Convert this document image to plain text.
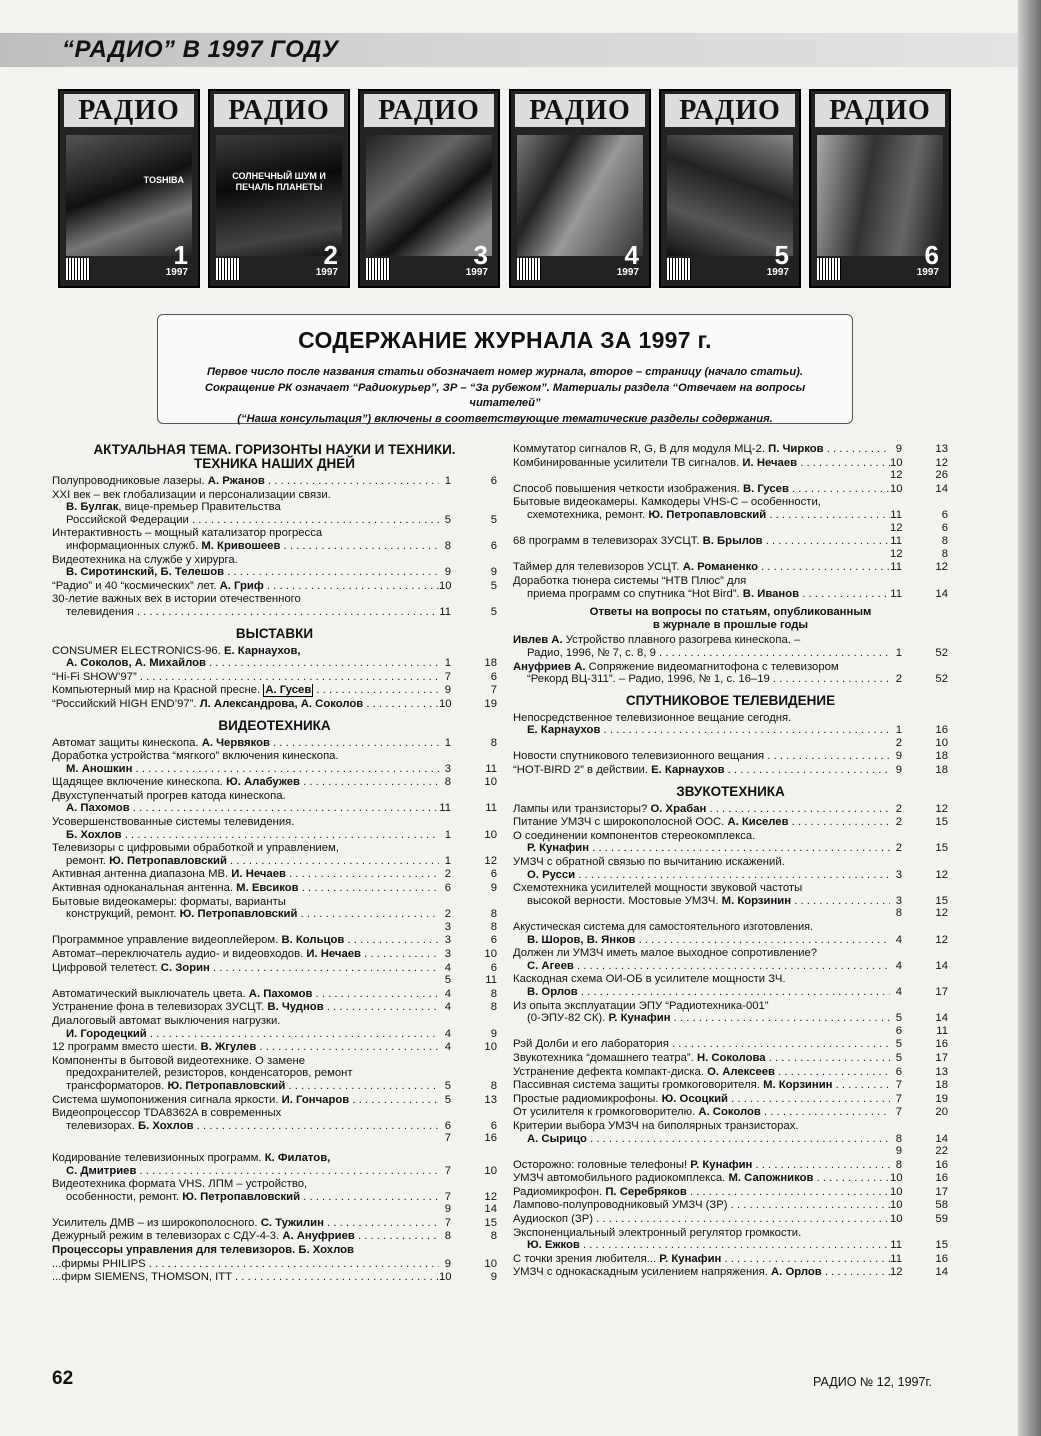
“РАДИО” В 1997 ГОДУ
РАДИО
TOSHIBA
1
1997
РАДИО
СОЛНЕЧНЫЙ ШУМ И ПЕЧАЛЬ ПЛАНЕТЫ
2
1997
РАДИО
3
1997
РАДИО
4
1997
РАДИО
5
1997
РАДИО
6
1997
СОДЕРЖАНИЕ ЖУРНАЛА ЗА 1997 г.
Первое число после названия статьи обозначает номер журнала, второе – страницу (начало статьи).
Сокращение РК означает “Радиокурьер”, ЗР – “За рубежом”. Материалы раздела “Отвечаем на вопросы читателей”
(“Наша консультация”) включены в соответствующие тематические разделы содержания.
АКТУАЛЬНАЯ ТЕМА. ГОРИЗОНТЫ НАУКИ И ТЕХНИКИ.
ТЕХНИКА НАШИХ ДНЕЙ
Полупроводниковые лазеры. А. Ржанов . . .	1	6
XXI век – век глобализации и персонализации связи.
В. Булгак, вице-премьер Правительства
Российской Федерации . . .	5	5
Интерактивность – мощный катализатор прогресса
информационных служб. М. Кривошеев . . .	8	6
Видеотехника на службе у хирурга.
В. Сиротинский, Б. Телешов . . .	9	9
“Радио” и 40 “космических” лет. А. Гриф . . .	10	5
30-летие важных вех в истории отечественного
телевидения . . .	11	5
ВЫСТАВКИ
CONSUMER ELECTRONICS-96. Е. Карнаухов,
А. Соколов, А. Михайлов . . .	1	18
“Hi-Fi SHOW’97” . . .	7	6
Компьютерный мир на Красной пресне. А. Гусев . . .	9	7
“Российский HIGH END’97”. Л. Александрова, А. Соколов . . .	10	19
ВИДЕОТЕХНИКА
Автомат защиты кинескопа. А. Червяков . . .	1	8
Доработка устройства “мягкого” включения кинескопа.
М. Аношкин . . .	3	11
Щадящее включение кинескопа. Ю. Алабужев . . .	8	10
Двухступенчатый прогрев катода кинескопа.
А. Пахомов . . .	11	11
Усовершенствованные системы телевидения.
Б. Хохлов . . .	1	10
Телевизоры с цифровыми обработкой и управлением,
ремонт. Ю. Петропавловский . . .	1	12
Активная антенна диапазона МВ. И. Нечаев . . .	2	6
Активная одноканальная антенна. М. Евсиков . . .	6	9
Бытовые видеокамеры: форматы, варианты
конструкций, ремонт. Ю. Петропавловский . . .
	2	8
3	8
Программное управление видеоплейером. В. Кольцов . . .	3	6
Автомат–переключатель аудио- и видеовходов. И. Нечаев . . .	3	10
Цифровой телетест. С. Зорин . . .
	4	6
5	11
Автоматический выключатель цвета. А. Пахомов . . .	4	8
Устранение фона в телевизорах 3УСЦТ. В. Чуднов . . .	4	8
Диалоговый автомат выключения нагрузки.
И. Городецкий . . .	4	9
12 программ вместо шести. В. Жгулев . . .	4	10
Компоненты в бытовой видеотехнике. О замене
предохранителей, резисторов, конденсаторов, ремонт
трансформаторов. Ю. Петропавловский . . .	5	8
Система шумопонижения сигнала яркости. И. Гончаров . . .	5	13
Видеопроцессор TDA8362A в современных
телевизорах. Б. Хохлов . . .
	6	6
7	16
Кодирование телевизионных программ. К. Филатов,
С. Дмитриев . . .	7	10
Видеотехника формата VHS. ЛПМ – устройство,
особенности, ремонт. Ю. Петропавловский . . .
	7	12
9	14
Усилитель ДМВ – из широкополосного. С. Тужилин . . .	7	15
Дежурный режим в телевизорах с СДУ-4-3. А. Ануфриев . . .	8	8
Процессоры управления для телевизоров. Б. Хохлов
...фирмы PHILIPS . . .	9	10
...фирм SIEMENS, THOMSON, ITT . . .	10	9
Коммутатор сигналов R, G, B для модуля МЦ-2. П. Чирков . . .	9	13
Комбинированные усилители ТВ сигналов. И. Нечаев . . .
	10	12
12	26
Способ повышения четкости изображения. В. Гусев . . .	10	14
Бытовые видеокамеры. Камкодеры VHS-C – особенности,
схемотехника, ремонт. Ю. Петропавловский . . .
	11	6
12	6
68 программ в телевизорах 3УСЦТ. В. Брылов . . .
	11	8
12	8
Таймер для телевизоров УСЦТ. А. Романенко . . .	11	12
Доработка тюнера системы “НТВ Плюс” для
приема программ со спутника “Hot Bird”. В. Иванов . . .	11	14
Ответы на вопросы по статьям, опубликованным
в журнале в прошлые годы
Ивлев А. Устройство плавного разогрева кинескопа. –
Радио, 1996, № 7, с. 8, 9 . . .	1	52
Ануфриев А. Сопряжение видеомагнитофона с телевизором
“Рекорд ВЦ-311”. – Радио, 1996, № 1, с. 16–19 . . .	2	52
СПУТНИКОВОЕ ТЕЛЕВИДЕНИЕ
Непосредственное телевизионное вещание сегодня.
Е. Карнаухов . . .
	1	16
2	10
Новости спутникового телевизионного вещания . . .	9	18
“HOT-BIRD 2” в действии. Е. Карнаухов . . .	9	18
ЗВУКОТЕХНИКА
Лампы или транзисторы? О. Храбан . . .	2	12
Питание УМЗЧ с широкополосной ООС. А. Киселев . . .	2	15
О соединении компонентов стереокомплекса.
Р. Кунафин . . .	2	15
УМЗЧ с обратной связью по вычитанию искажений.
О. Русси . . .	3	12
Схемотехника усилителей мощности звуковой частоты
высокой верности. Мостовые УМЗЧ. М. Корзинин . . .
	3	15
8	12
Акустическая система для самостоятельного изготовления.
В. Шоров, В. Янков . . .	4	12
Должен ли УМЗЧ иметь малое выходное сопротивление?
С. Агеев . . .	4	14
Каскодная схема ОИ-ОБ в усилителе мощности ЗЧ.
В. Орлов . . .	4	17
Из опыта эксплуатации ЭПУ “Радиотехника-001”
(0-ЭПУ-82 СК). Р. Кунафин . . .
	5	14
6	11
Рэй Долби и его лаборатория . . .	5	16
Звукотехника “домашнего театра”. Н. Соколова . . .	5	17
Устранение дефекта компакт-диска. О. Алексеев . . .	6	13
Пассивная система защиты громкоговорителя. М. Корзинин . . .	7	18
Простые радиомикрофоны. Ю. Осоцкий . . .	7	19
От усилителя к громкоговорителю. А. Соколов . . .	7	20
Критерии выбора УМЗЧ на биполярных транзисторах.
А. Сырицо . . .
	8	14
9	22
Осторожно: головные телефоны! Р. Кунафин . . .	8	16
УМЗЧ автомобильного радиокомплекса. М. Сапожников . . .	10	16
Радиомикрофон. П. Серебряков . . .	10	17
Лампово-полупроводниковый УМЗЧ (ЗР) . . .	10	58
Аудиоскоп (ЗР) . . .	10	59
Экспоненциальный электронный регулятор громкости.
Ю. Ежков . . .	11	15
С точки зрения любителя... Р. Кунафин . . .	11	16
УМЗЧ с однокаскадным усилением напряжения. А. Орлов . . .	12	14
62	РАДИО № 12, 1997г.
